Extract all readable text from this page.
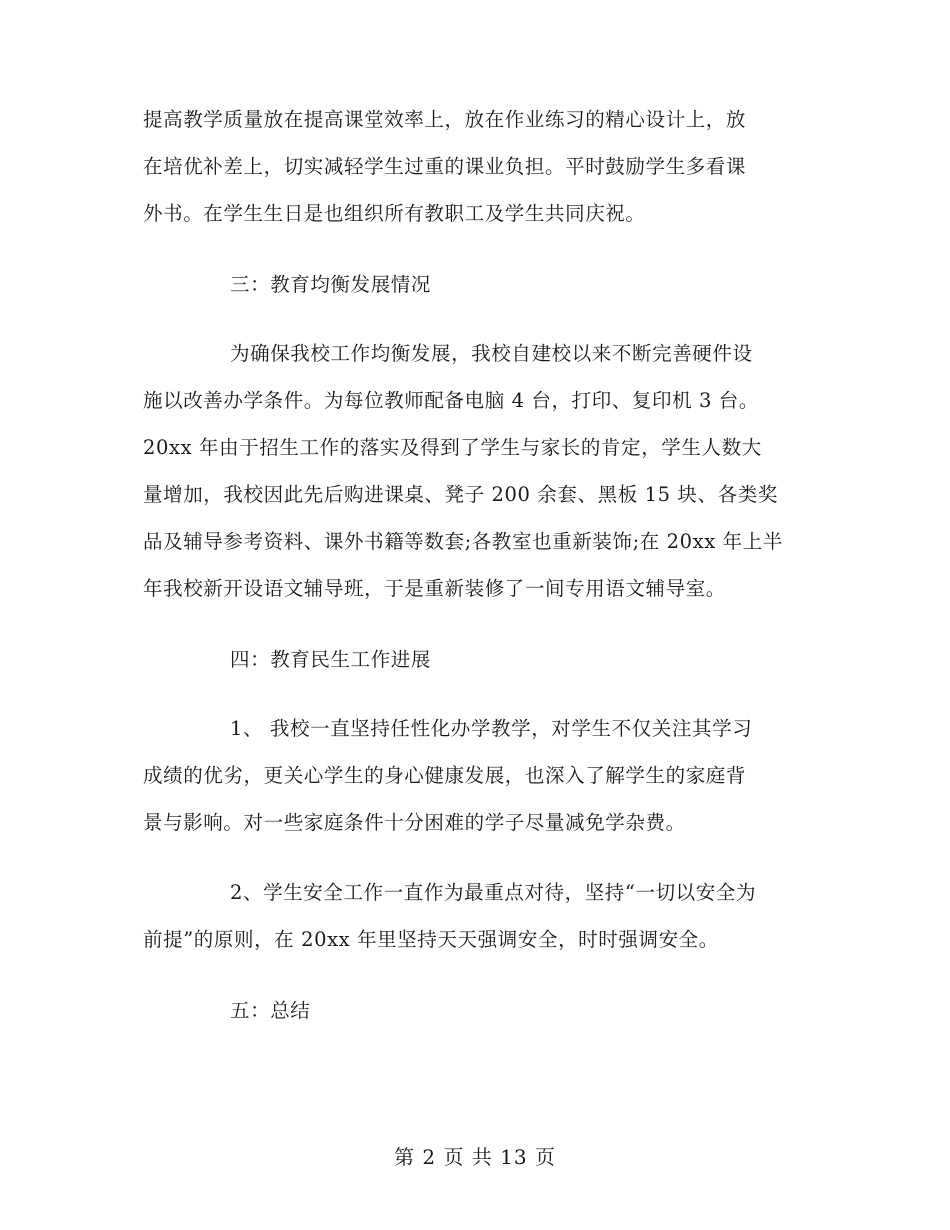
提高教学质量放在提高课堂效率上，放在作业练习的精心设计上，放
在培优补差上，切实减轻学生过重的课业负担。平时鼓励学生多看课
外书。在学生生日是也组织所有教职工及学生共同庆祝。
三：教育均衡发展情况
为确保我校工作均衡发展，我校自建校以来不断完善硬件设
施以改善办学条件。为每位教师配备电脑 4 台，打印、复印机 3 台。
20xx 年由于招生工作的落实及得到了学生与家长的肯定，学生人数大
量增加，我校因此先后购进课桌、凳子 200 余套、黑板 15 块、各类奖
品及辅导参考资料、课外书籍等数套;各教室也重新装饰;在 20xx 年上半
年我校新开设语文辅导班，于是重新装修了一间专用语文辅导室。
四：教育民生工作进展
1、 我校一直坚持任性化办学教学，对学生不仅关注其学习
成绩的优劣，更关心学生的身心健康发展，也深入了解学生的家庭背
景与影响。对一些家庭条件十分困难的学子尽量减免学杂费。
2、学生安全工作一直作为最重点对待，坚持“一切以安全为
前提”的原则，在 20xx 年里坚持天天强调安全，时时强调安全。
五：总结
第 2 页 共 13 页
